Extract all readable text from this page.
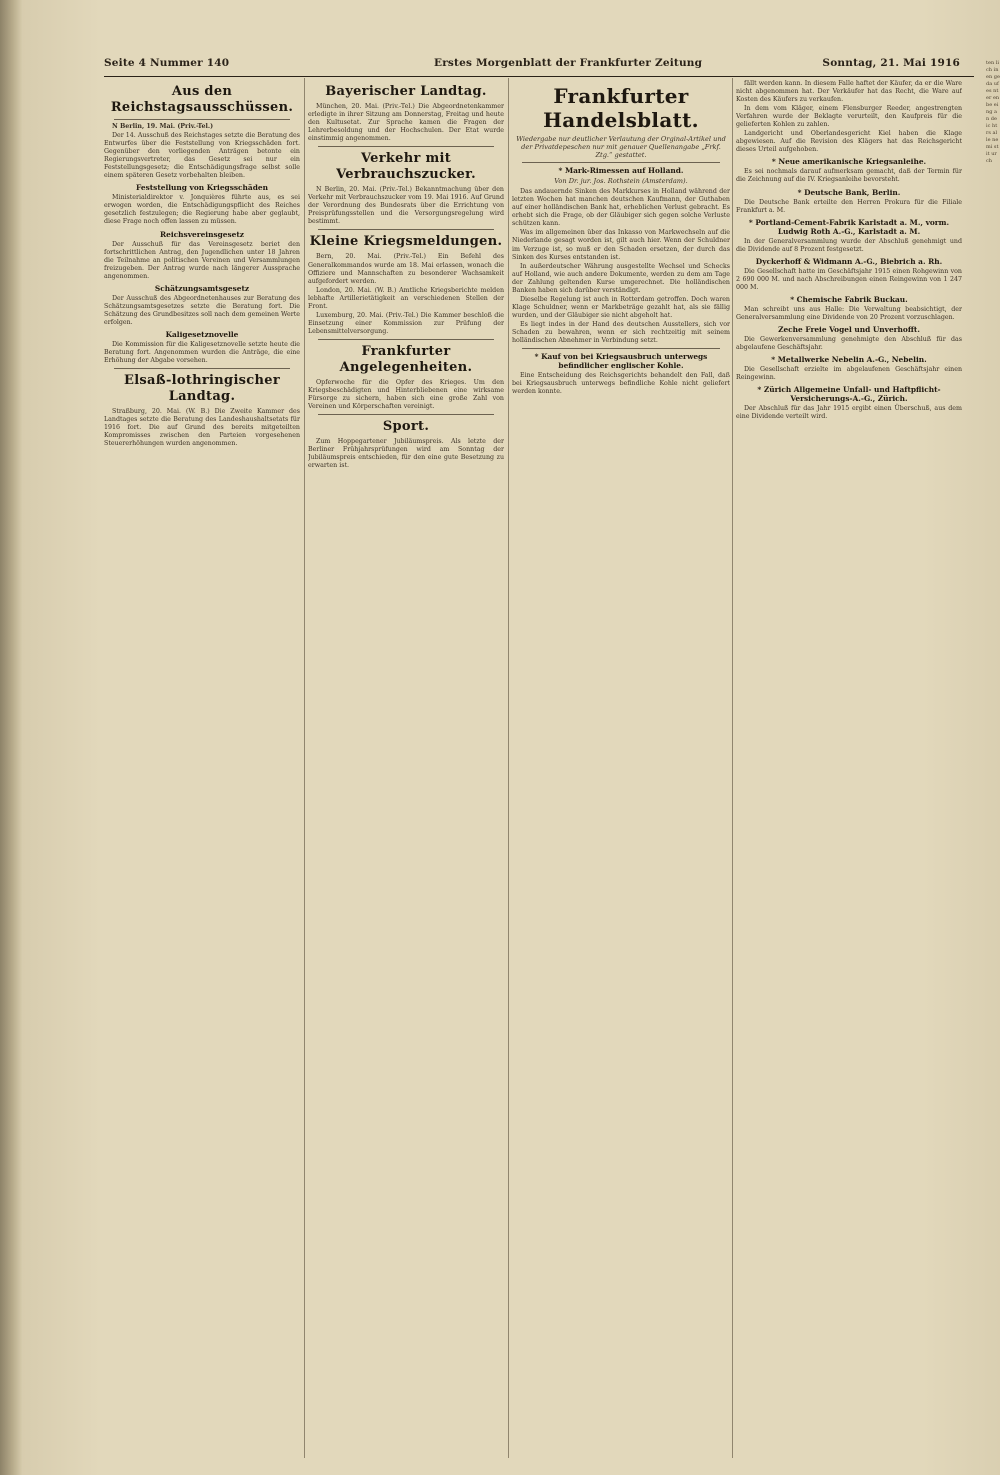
Seite 4 Nummer 140	Erstes Morgenblatt der Frankfurter Zeitung	Sonntag, 21. Mai 1916
Aus den Reichstagsausschüssen.

N Berlin, 19. Mai. (Priv.-Tel.)

Der 14. Ausschuß des Reichstages setzte die Beratung des Entwurfes über die Feststellung von Kriegsschäden fort. Gegenüber den vorliegenden Anträgen betonte ein Regierungsvertreter, das Gesetz sei nur ein Feststellungsgesetz; die Entschädigungsfrage selbst solle einem späteren Gesetz vorbehalten bleiben.

Feststellung von Kriegsschäden

Ministerialdirektor v. Jonquières führte aus, es sei erwogen worden, die Entschädigungspflicht des Reiches gesetzlich festzulegen; die Regierung habe aber geglaubt, diese Frage noch offen lassen zu müssen.

Reichsvereinsgesetz

Der Ausschuß für das Vereinsgesetz beriet den fortschrittlichen Antrag, den Jugendlichen unter 18 Jahren die Teilnahme an politischen Vereinen und Versammlungen freizugeben. Der Antrag wurde nach längerer Aussprache angenommen.

Schätzungsamtsgesetz

Der Ausschuß des Abgeordnetenhauses zur Beratung des Schätzungsamtsgesetzes setzte die Beratung fort. Die Schätzung des Grundbesitzes soll nach dem gemeinen Werte erfolgen.

Kaligesetznovelle

Die Kommission für die Kaligesetznovelle setzte heute die Beratung fort. Angenommen wurden die Anträge, die eine Erhöhung der Abgabe vorsehen.

Elsaß-lothringischer Landtag.

Straßburg, 20. Mai. (W. B.) Die Zweite Kammer des Landtages setzte die Beratung des Landeshaushaltsetats für 1916 fort. Die auf Grund des bereits mitgeteilten Kompromisses zwischen den Parteien vorgesehenen Steuererhöhungen wurden angenommen.

Bayerischer Landtag.

München, 20. Mai. (Priv.-Tel.) Die Abgeordnetenkammer erledigte in ihrer Sitzung am Donnerstag, Freitag und heute den Kultusetat. Zur Sprache kamen die Fragen der Lehrerbesoldung und der Hochschulen. Der Etat wurde einstimmig angenommen.

Verkehr mit Verbrauchszucker.

N Berlin, 20. Mai. (Priv.-Tel.) Bekanntmachung über den Verkehr mit Verbrauchszucker vom 19. Mai 1916. Auf Grund der Verordnung des Bundesrats über die Errichtung von Preisprüfungsstellen und die Versorgungsregelung wird bestimmt.

Kleine Kriegsmeldungen.

Bern, 20. Mai. (Priv.-Tel.) Ein Befehl des Generalkommandos wurde am 18. Mai erlassen, wonach die Offiziere und Mannschaften zu besonderer Wachsamkeit aufgefordert werden.

London, 20. Mai. (W. B.) Amtliche Kriegsberichte melden lebhafte Artillerietätigkeit an verschiedenen Stellen der Front.

Luxemburg, 20. Mai. (Priv.-Tel.) Die Kammer beschloß die Einsetzung einer Kommission zur Prüfung der Lebensmittelversorgung.

Frankfurter Angelegenheiten.

Opferwoche für die Opfer des Krieges. Um den Kriegsbeschädigten und Hinterbliebenen eine wirksame Fürsorge zu sichern, haben sich eine große Zahl von Vereinen und Körperschaften vereinigt.

Sport.

Zum Hoppegartener Jubiläumspreis. Als letzte der Berliner Frühjahrsprüfungen wird am Sonntag der Jubiläumspreis entschieden, für den eine gute Besetzung zu erwarten ist.

Frankfurter Handelsblatt.

Wiedergabe nur deutlicher Verlautung der Orginal-Artikel und der Privatdepeschen nur mit genauer Quellenangabe „Frkf. Ztg.“ gestattet.

* Mark-Rimessen auf Holland.

Von Dr. jur. Jos. Rothstein (Amsterdam).

Das andauernde Sinken des Markkurses in Holland während der letzten Wochen hat manchen deutschen Kaufmann, der Guthaben auf einer holländischen Bank hat, erheblichen Verlust gebracht. Es erhebt sich die Frage, ob der Gläubiger sich gegen solche Verluste schützen kann.

Was im allgemeinen über das Inkasso von Markwechseln auf die Niederlande gesagt worden ist, gilt auch hier. Wenn der Schuldner im Verzuge ist, so muß er den Schaden ersetzen, der durch das Sinken des Kurses entstanden ist.

In außerdeutscher Währung ausgestellte Wechsel und Schecks auf Holland, wie auch andere Dokumente, werden zu dem am Tage der Zahlung geltenden Kurse umgerechnet. Die holländischen Banken haben sich darüber verständigt.

Dieselbe Regelung ist auch in Rotterdam getroffen. Doch waren Klage Schuldner, wenn er Markbeträge gezahlt hat, als sie fällig wurden, und der Gläubiger sie nicht abgeholt hat.

Es liegt indes in der Hand des deutschen Ausstellers, sich vor Schaden zu bewahren, wenn er sich rechtzeitig mit seinem holländischen Abnehmer in Verbindung setzt.

* Kauf von bei Kriegsausbruch unterwegs befindlicher englischer Kohle.

Eine Entscheidung des Reichsgerichts behandelt den Fall, daß bei Kriegsausbruch unterwegs befindliche Kohle nicht geliefert werden konnte.

fällt werden kann. In diesem Falle haftet der Käufer, da er die Ware nicht abgenommen hat. Der Verkäufer hat das Recht, die Ware auf Kosten des Käufers zu verkaufen.

In dem vom Kläger, einem Flensburger Reeder, angestrengten Verfahren wurde der Beklagte verurteilt, den Kaufpreis für die gelieferten Kohlen zu zahlen.

Landgericht und Oberlandesgericht Kiel haben die Klage abgewiesen. Auf die Revision des Klägers hat das Reichsgericht dieses Urteil aufgehoben.

* Neue amerikanische Kriegsanleihe.

Es sei nochmals darauf aufmerksam gemacht, daß der Termin für die Zeichnung auf die IV. Kriegsanleihe bevorsteht.

* Deutsche Bank, Berlin.

Die Deutsche Bank erteilte den Herren Prokura für die Filiale Frankfurt a. M.

* Portland-Cement-Fabrik Karlstadt a. M., vorm. Ludwig Roth A.-G., Karlstadt a. M.

In der Generalversammlung wurde der Abschluß genehmigt und die Dividende auf 8 Prozent festgesetzt.

Dyckerhoff & Widmann A.-G., Biebrich a. Rh.

Die Gesellschaft hatte im Geschäftsjahr 1915 einen Rohgewinn von 2 690 000 M. und nach Abschreibungen einen Reingewinn von 1 247 000 M.

* Chemische Fabrik Buckau.

Man schreibt uns aus Halle: Die Verwaltung beabsichtigt, der Generalversammlung eine Dividende von 20 Prozent vorzuschlagen.

Zeche Freie Vogel und Unverhofft.

Die Gewerkenversammlung genehmigte den Abschluß für das abgelaufene Geschäftsjahr.

* Metallwerke Nebelin A.-G., Nebelin.

Die Gesellschaft erzielte im abgelaufenen Geschäftsjahr einen Reingewinn.

* Zürich Allgemeine Unfall- und Haftpflicht-Versicherungs-A.-G., Zürich.

Der Abschluß für das Jahr 1915 ergibt einen Überschuß, aus dem eine Dividende verteilt wird.

ten lich in en ge da uf es nt er en be ei ng an de ic ht rs al le ne mi st it ur ch
